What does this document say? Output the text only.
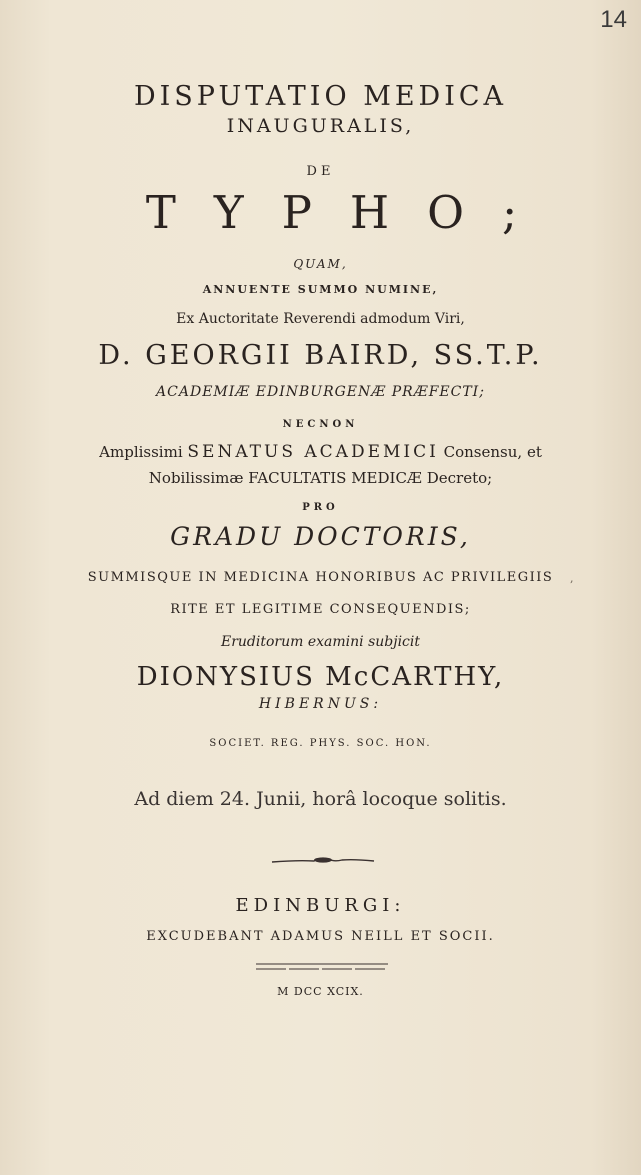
14
DISPUTATIO MEDICA
INAUGURALIS,
DE
TYPHO;
QUAM,
ANNUENTE SUMMO NUMINE,
Ex Auctoritate Reverendi admodum Viri,
D. GEORGII BAIRD, SS.T.P.
ACADEMIÆ EDINBURGENÆ PRÆFECTI;
NECNON
Amplissimi SENATUS ACADEMICI Consensu, et
Nobilissimæ FACULTATIS MEDICÆ Decreto;
PRO
GRADU DOCTORIS,
SUMMISQUE IN MEDICINA HONORIBUS AC PRIVILEGIIS	,
RITE ET LEGITIME CONSEQUENDIS;
Eruditorum examini subjicit
DIONYSIUS McCARTHY,
HIBERNUS:
SOCIET. REG. PHYS. SOC. HON.
Ad diem 24. Junii, horâ locoque solitis.
EDINBURGI:
EXCUDEBANT ADAMUS NEILL ET SOCII.
M DCC XCIX.
